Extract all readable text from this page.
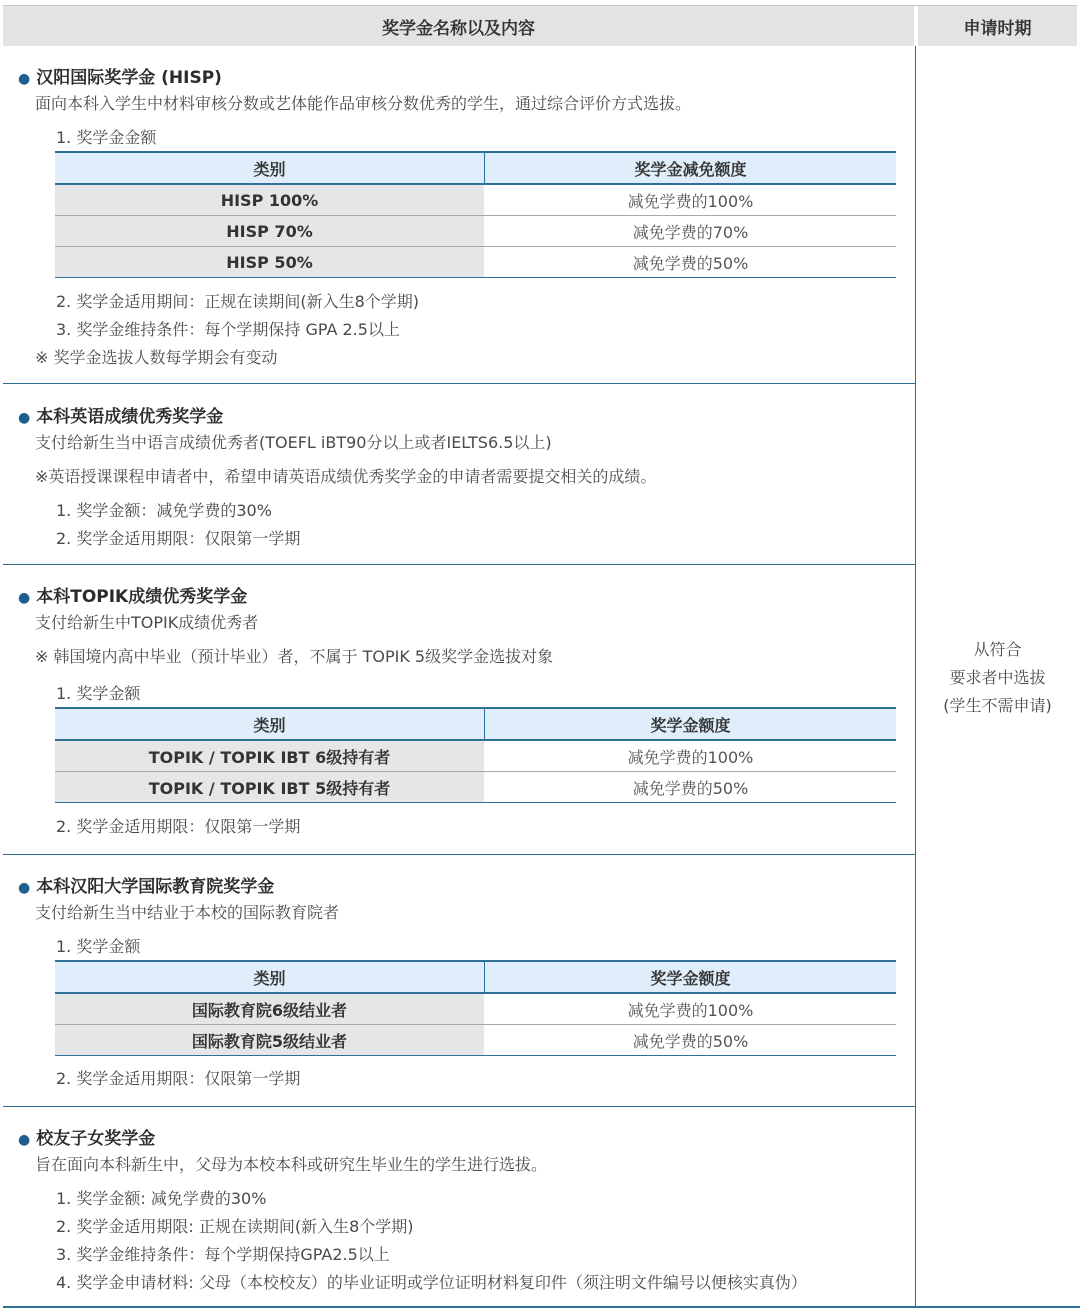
奖学金名称以及内容	申请时期
● 汉阳国际奖学金 (HISP)
面向本科入学生中材料审核分数或艺体能作品审核分数优秀的学生，通过综合评价方式选拔。
1. 奖学金金额
类别	奖学金减免额度
HISP 100%	减免学费的100%
HISP 70%	减免学费的70%
HISP 50%	减免学费的50%
2. 奖学金适用期间：正规在读期间(新入生8个学期)
3. 奖学金维持条件：每个学期保持 GPA 2.5以上
※ 奖学金选拔人数每学期会有变动
● 本科英语成绩优秀奖学金
支付给新生当中语言成绩优秀者(TOEFL iBT90分以上或者IELTS6.5以上)
※英语授课课程申请者中，希望申请英语成绩优秀奖学金的申请者需要提交相关的成绩。
1. 奖学金额：减免学费的30%
2. 奖学金适用期限：仅限第一学期
● 本科TOPIK成绩优秀奖学金
支付给新生中TOPIK成绩优秀者
※ 韩国境内高中毕业（预计毕业）者，不属于 TOPIK 5级奖学金选拔对象
1. 奖学金额
类别	奖学金额度
TOPIK / TOPIK IBT 6级持有者	减免学费的100%
TOPIK / TOPIK IBT 5级持有者	减免学费的50%
2. 奖学金适用期限：仅限第一学期
● 本科汉阳大学国际教育院奖学金
支付给新生当中结业于本校的国际教育院者
1. 奖学金额
类别	奖学金额度
国际教育院6级结业者	减免学费的100%
国际教育院5级结业者	减免学费的50%
2. 奖学金适用期限：仅限第一学期
● 校友子女奖学金
旨在面向本科新生中，父母为本校本科或研究生毕业生的学生进行选拔。
1. 奖学金额: 减免学费的30%
2. 奖学金适用期限: 正规在读期间(新入生8个学期)
3. 奖学金维持条件：每个学期保持GPA2.5以上
4. 奖学金申请材料: 父母（本校校友）的毕业证明或学位证明材料复印件（须注明文件编号以便核实真伪）
从符合
要求者中选拔
(学生不需申请)
